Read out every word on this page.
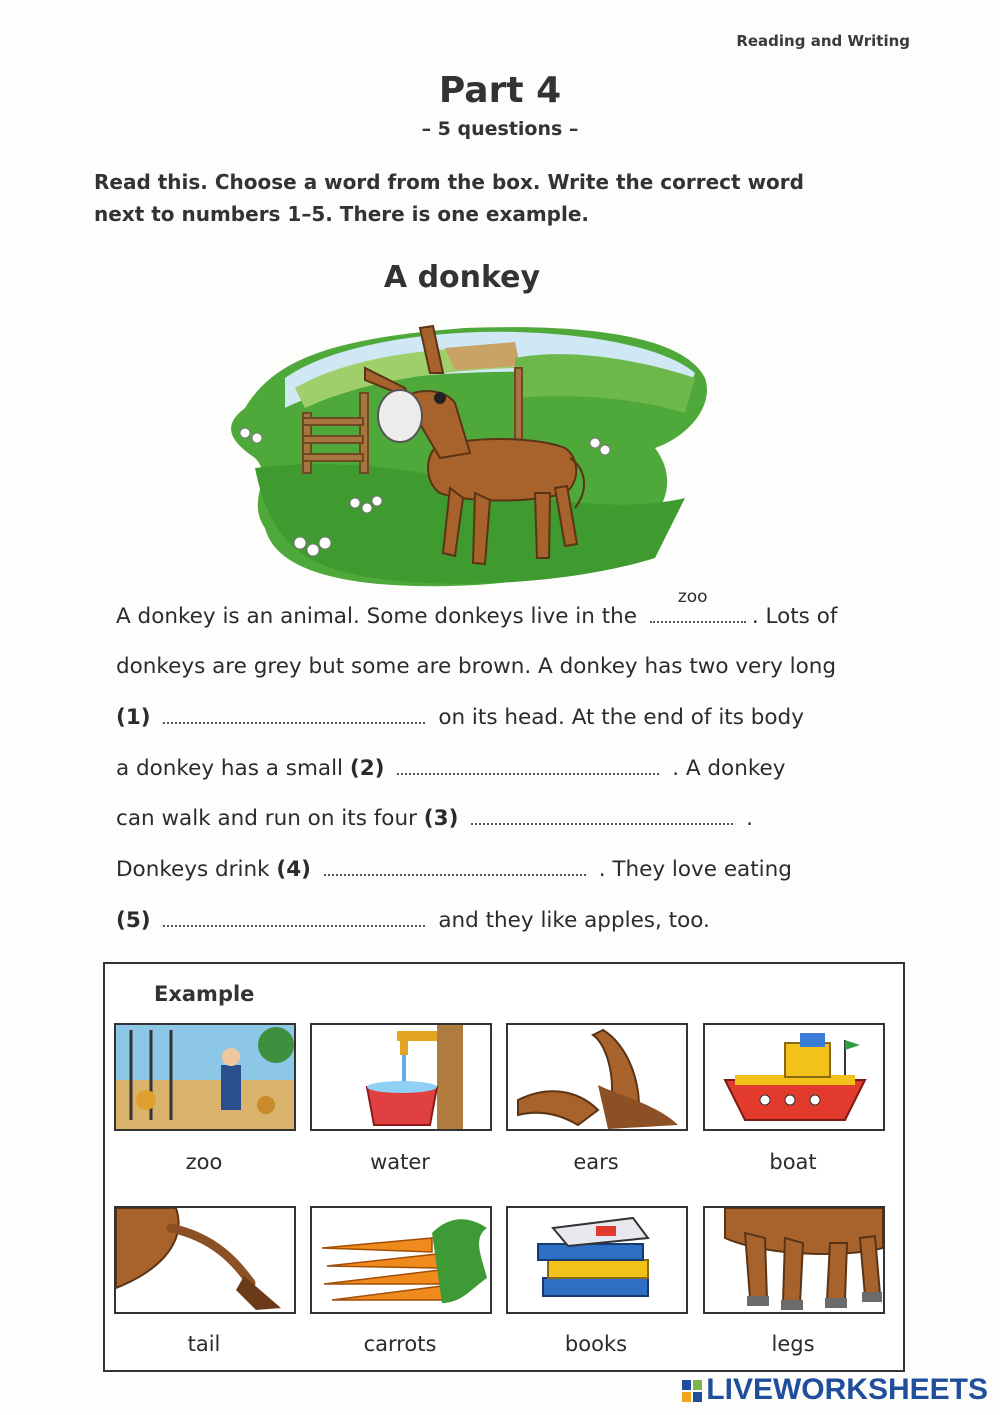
Reading and Writing
Part 4
– 5 questions –
Read this. Choose a word from the box. Write the correct word
next to numbers 1–5. There is one example.
A donkey
A donkey is an animal. Some donkeys live in the
zoo
. Lots of
donkeys are grey but some are brown. A donkey has two very long
(1)	on its head. At the end of its body
a donkey has a small (2)	. A donkey
can walk and run on its four (3)	.
Donkeys drink (4)	. They love eating
(5)	and they like apples, too.
Example
zoo	water	ears	boat
tail	carrots	books	legs
LIVEWORKSHEETS
